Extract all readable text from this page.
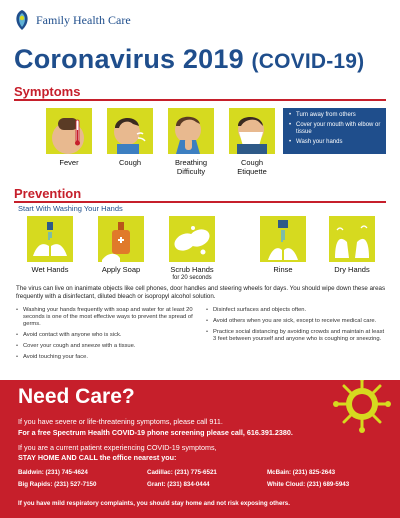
Family Health Care
Coronavirus 2019 (COVID-19)
Symptoms
Fever	Cough	Breathing
Difficulty
Cough
Etiquette
• Turn away from others
• Cover your mouth with elbow or tissue
• Wash your hands
Prevention
Start With Washing Your Hands
Wet Hands	Apply Soap	Scrub Hands
for 20 seconds
Rinse	Dry Hands
The virus can live on inanimate objects like cell phones, door handles and steering wheels for days. You should wipe down these areas frequently with a disinfectant, diluted bleach or isopropyl alcohol solution.
• Washing your hands frequently with soap and water for at least 20 seconds is one of the most effective ways to prevent the spread of germs.
• Avoid contact with anyone who is sick.
• Cover your cough and sneeze with a tissue.
• Avoid touching your face.
• Disinfect surfaces and objects often.
• Avoid others when you are sick, except to receive medical care.
• Practice social distancing by avoiding crowds and maintain at least 3 feet between yourself and anyone who is coughing or sneezing.
Need Care?
If you have severe or life-threatening symptoms, please call 911.
For a free Spectrum Health COVID-19 phone screening please call, 616.391.2380.
If you are a current patient experiencing COVID-19 symptoms,
STAY HOME AND CALL the office nearest you:
Baldwin: (231) 745-4624	Cadillac: (231) 775-6521	McBain: (231) 825-2643
Big Rapids: (231) 527-7150	Grant: (231) 834-0444	White Cloud: (231) 689-5943
If you have mild respiratory complaints, you should stay home and not risk exposing others.
